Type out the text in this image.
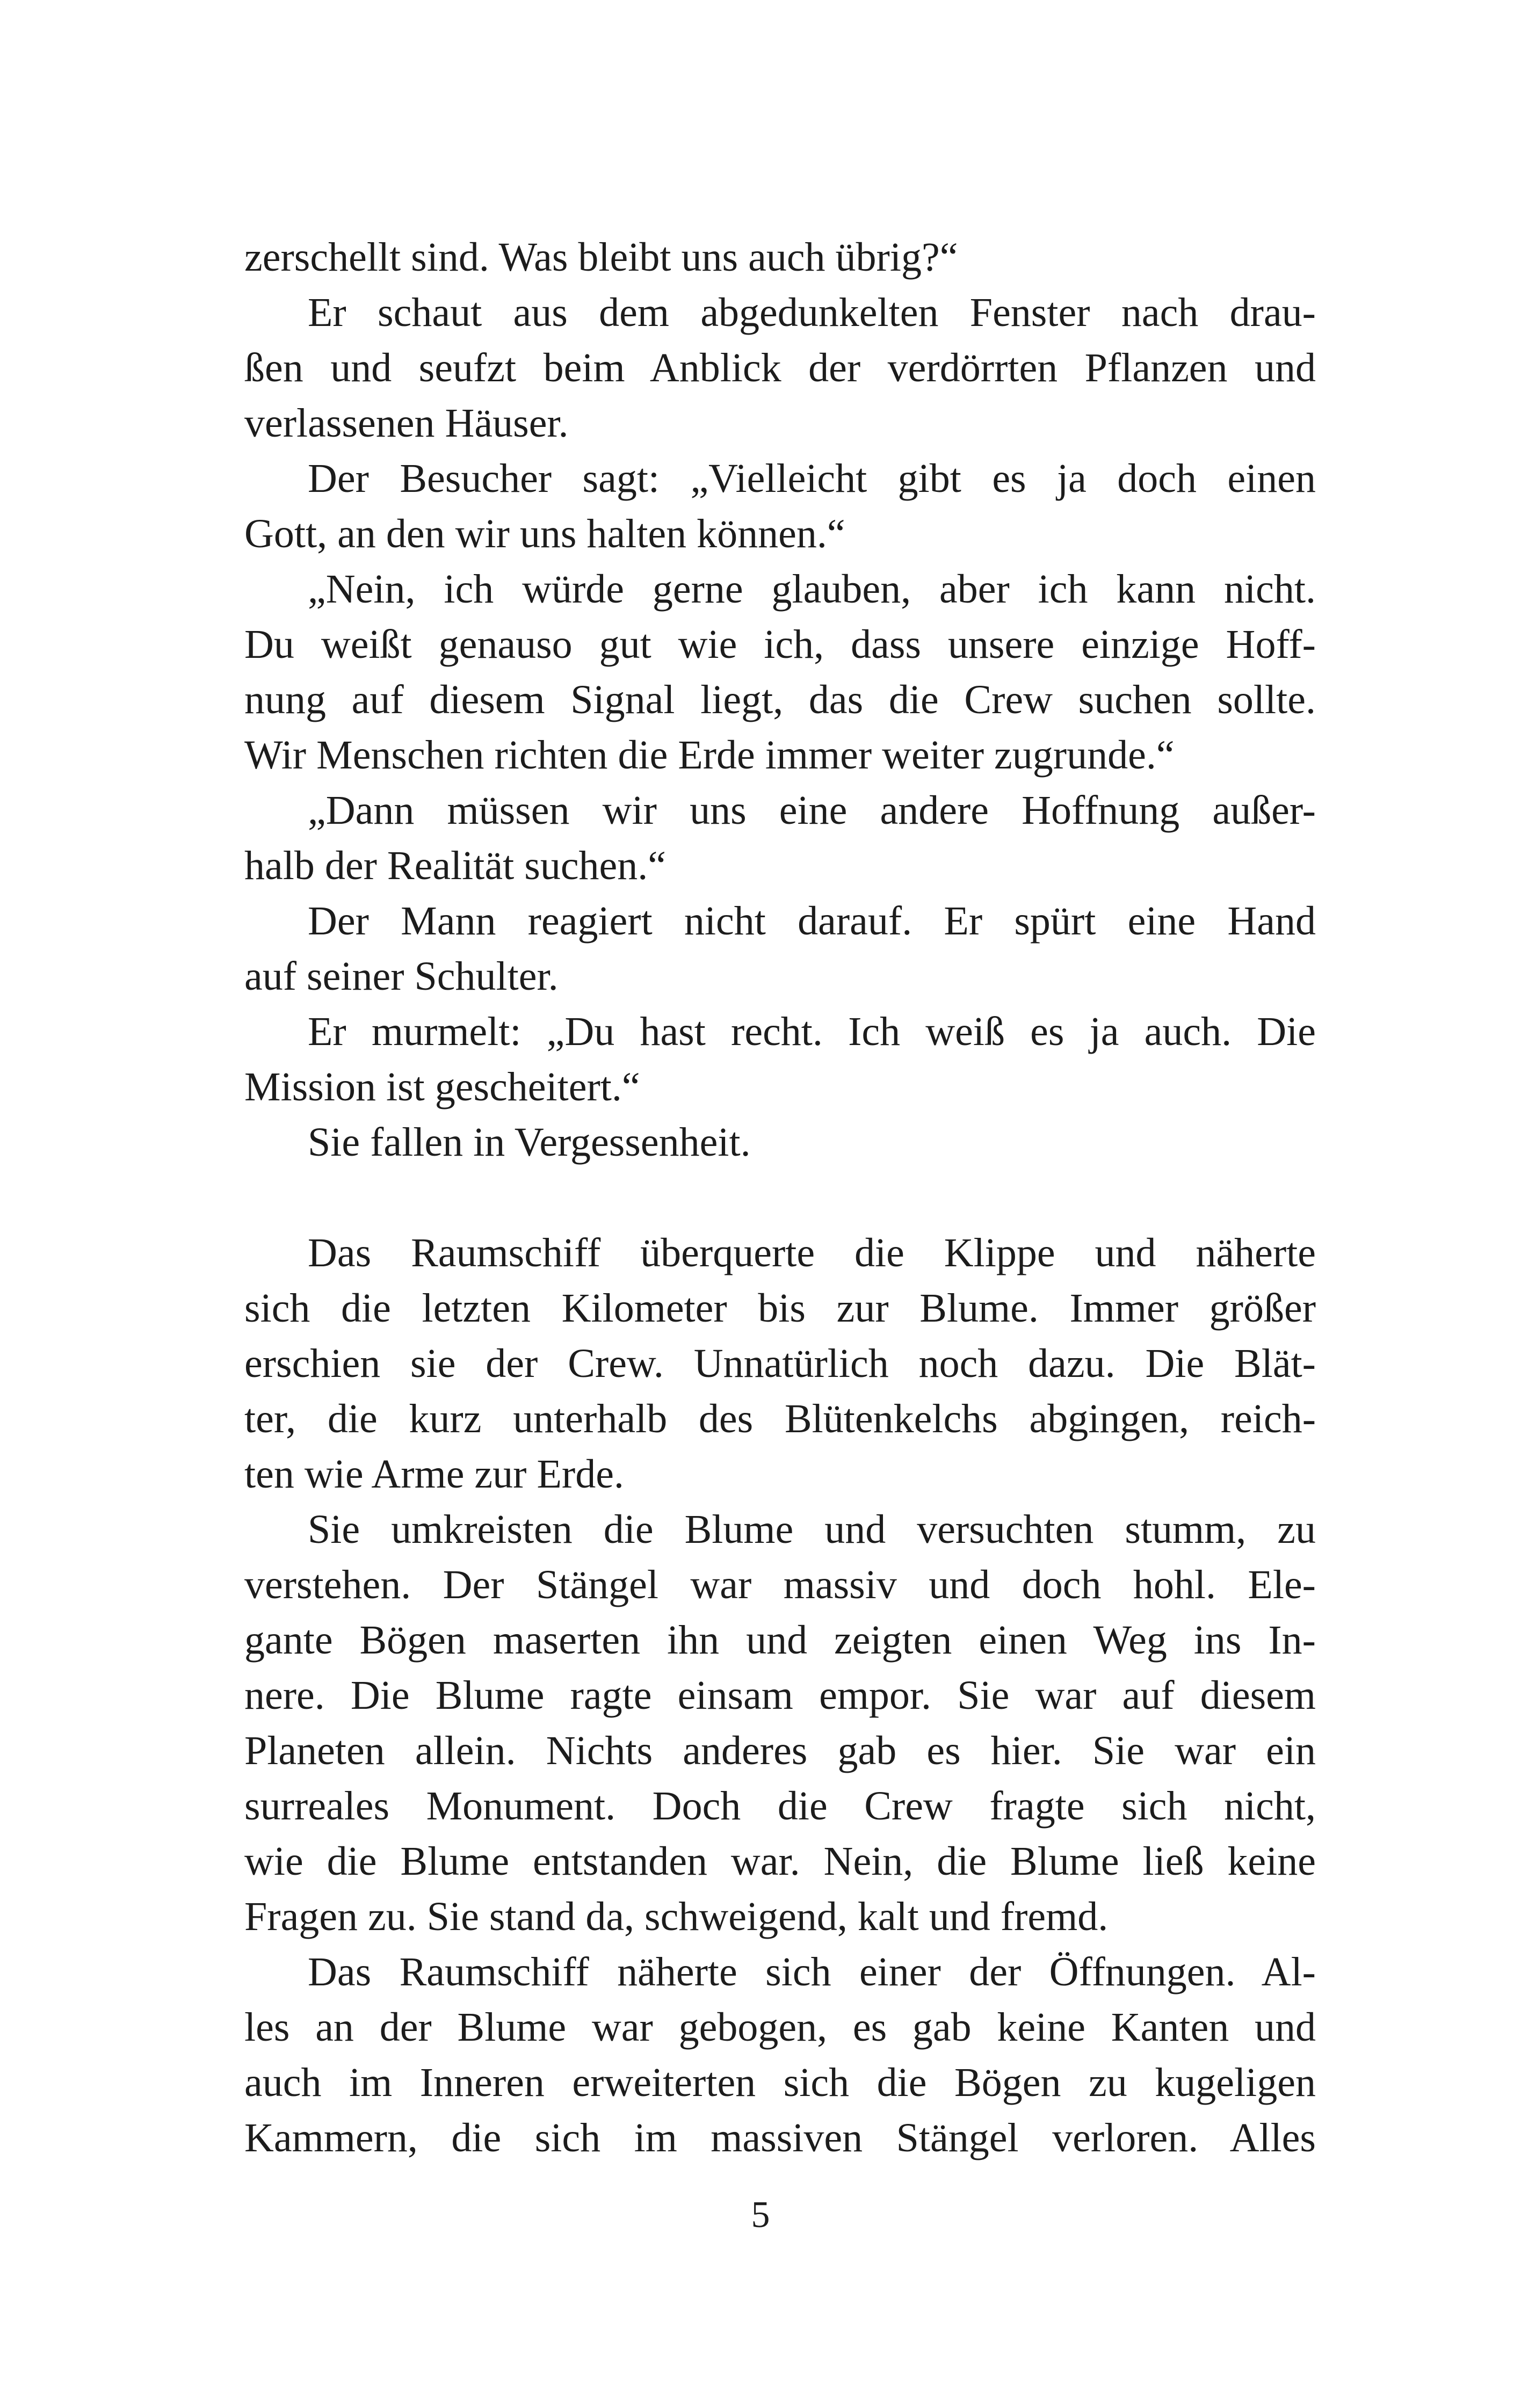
zerschellt sind. Was bleibt uns auch übrig?“
Er schaut aus dem abgedunkelten Fenster nach drau-
ßen und seufzt beim Anblick der verdörrten Pflanzen und
verlassenen Häuser.
Der Besucher sagt: „Vielleicht gibt es ja doch einen
Gott, an den wir uns halten können.“
„Nein, ich würde gerne glauben, aber ich kann nicht.
Du weißt genauso gut wie ich, dass unsere einzige Hoff-
nung auf diesem Signal liegt, das die Crew suchen sollte.
Wir Menschen richten die Erde immer weiter zugrunde.“
„Dann müssen wir uns eine andere Hoffnung außer-
halb der Realität suchen.“
Der Mann reagiert nicht darauf. Er spürt eine Hand
auf seiner Schulter.
Er murmelt: „Du hast recht. Ich weiß es ja auch. Die
Mission ist gescheitert.“
Sie fallen in Vergessenheit.
Das Raumschiff überquerte die Klippe und näherte
sich die letzten Kilometer bis zur Blume. Immer größer
erschien sie der Crew. Unnatürlich noch dazu. Die Blät-
ter, die kurz unterhalb des Blütenkelchs abgingen, reich-
ten wie Arme zur Erde.
Sie umkreisten die Blume und versuchten stumm, zu
verstehen. Der Stängel war massiv und doch hohl. Ele-
gante Bögen maserten ihn und zeigten einen Weg ins In-
nere. Die Blume ragte einsam empor. Sie war auf diesem
Planeten allein. Nichts anderes gab es hier. Sie war ein
surreales Monument. Doch die Crew fragte sich nicht,
wie die Blume entstanden war. Nein, die Blume ließ keine
Fragen zu. Sie stand da, schweigend, kalt und fremd.
Das Raumschiff näherte sich einer der Öffnungen. Al-
les an der Blume war gebogen, es gab keine Kanten und
auch im Inneren erweiterten sich die Bögen zu kugeligen
Kammern, die sich im massiven Stängel verloren. Alles
5
